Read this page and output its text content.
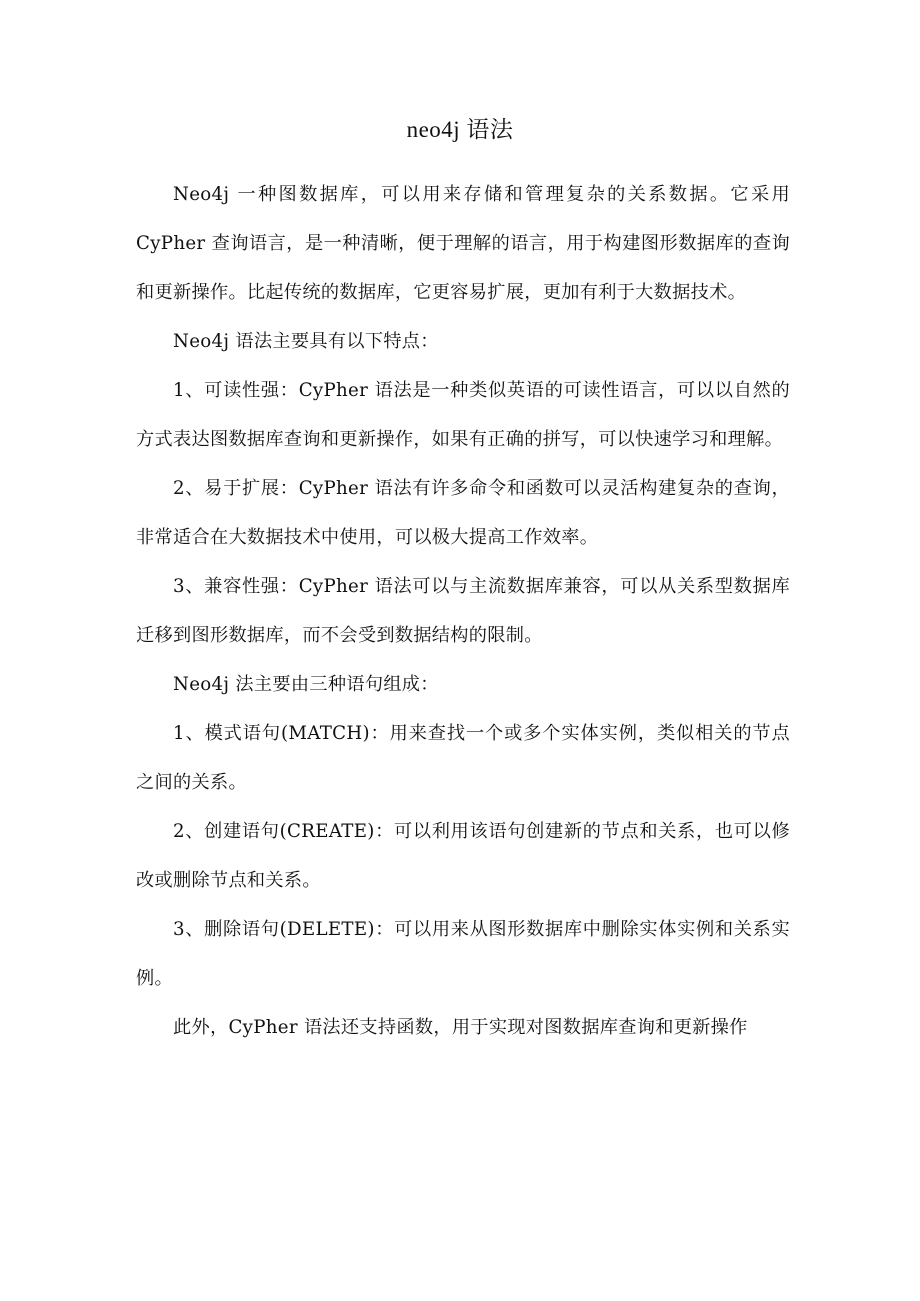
neo4j 语法

Neo4j 一种图数据库，可以用来存储和管理复杂的关系数据。它采用 CyPher 查询语言，是一种清晰，便于理解的语言，用于构建图形数据库的查询和更新操作。比起传统的数据库，它更容易扩展，更加有利于大数据技术。

Neo4j 语法主要具有以下特点：

1、可读性强：CyPher 语法是一种类似英语的可读性语言，可以以自然的方式表达图数据库查询和更新操作，如果有正确的拼写，可以快速学习和理解。

2、易于扩展：CyPher 语法有许多命令和函数可以灵活构建复杂的查询，非常适合在大数据技术中使用，可以极大提高工作效率。

3、兼容性强：CyPher 语法可以与主流数据库兼容，可以从关系型数据库迁移到图形数据库，而不会受到数据结构的限制。

Neo4j 法主要由三种语句组成：

1、模式语句(MATCH)：用来查找一个或多个实体实例，类似相关的节点之间的关系。

2、创建语句(CREATE)：可以利用该语句创建新的节点和关系，也可以修改或删除节点和关系。

3、删除语句(DELETE)：可以用来从图形数据库中删除实体实例和关系实例。

此外，CyPher 语法还支持函数，用于实现对图数据库查询和更新操作
